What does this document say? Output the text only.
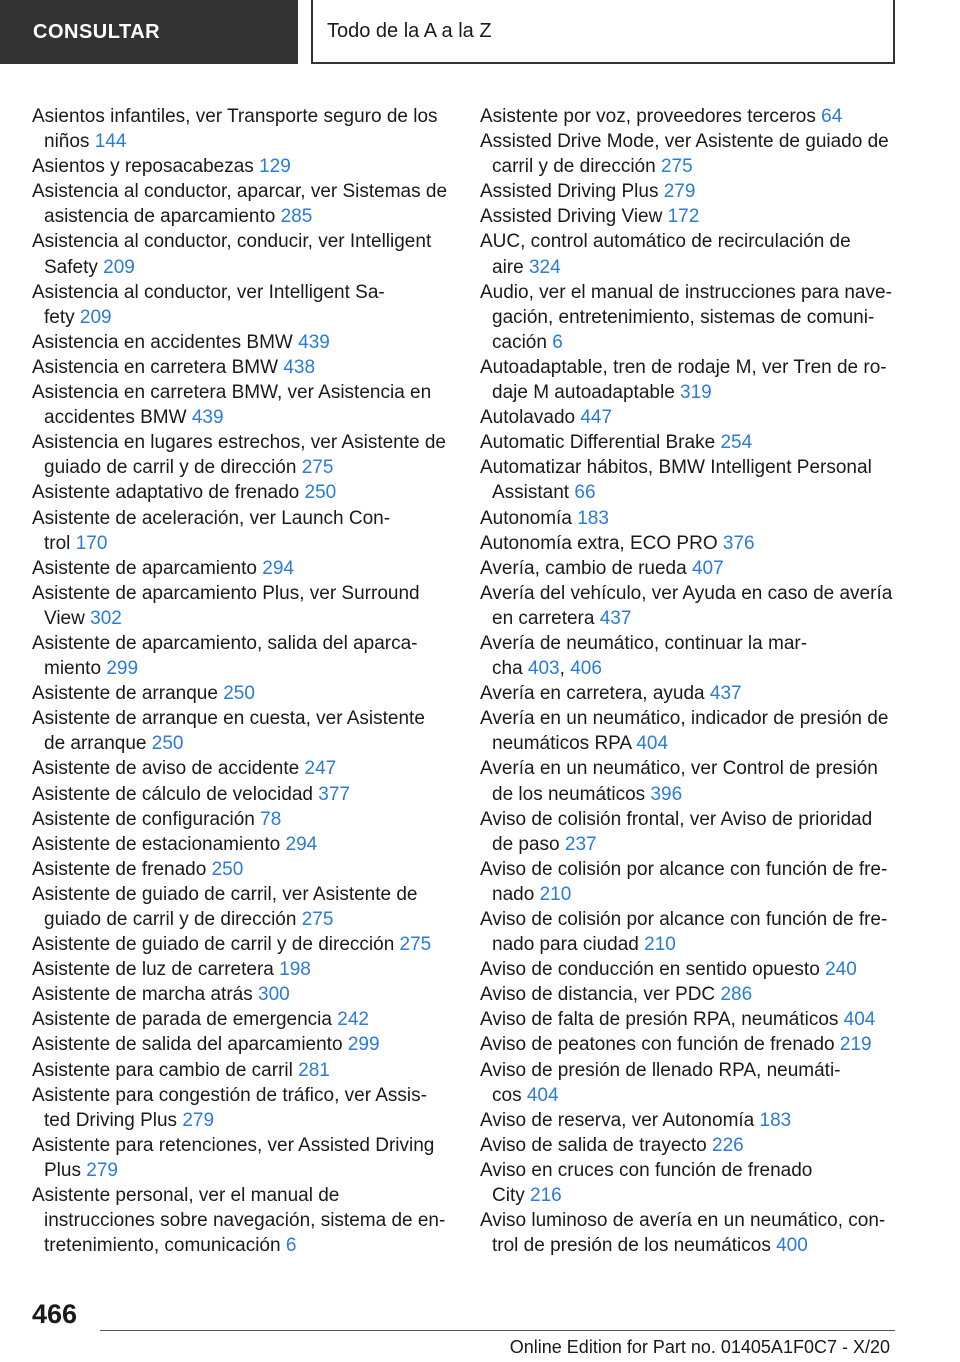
CONSULTAR	Todo de la A a la Z
Asientos infantiles, ver Transporte seguro de los
niños 144
Asientos y reposacabezas 129
Asistencia al conductor, aparcar, ver Sistemas de
asistencia de aparcamiento 285
Asistencia al conductor, conducir, ver Intelligent
Safety 209
Asistencia al conductor, ver Intelligent Sa-
fety 209
Asistencia en accidentes BMW 439
Asistencia en carretera BMW 438
Asistencia en carretera BMW, ver Asistencia en
accidentes BMW 439
Asistencia en lugares estrechos, ver Asistente de
guiado de carril y de dirección 275
Asistente adaptativo de frenado 250
Asistente de aceleración, ver Launch Con-
trol 170
Asistente de aparcamiento 294
Asistente de aparcamiento Plus, ver Surround
View 302
Asistente de aparcamiento, salida del aparca-
miento 299
Asistente de arranque 250
Asistente de arranque en cuesta, ver Asistente
de arranque 250
Asistente de aviso de accidente 247
Asistente de cálculo de velocidad 377
Asistente de configuración 78
Asistente de estacionamiento 294
Asistente de frenado 250
Asistente de guiado de carril, ver Asistente de
guiado de carril y de dirección 275
Asistente de guiado de carril y de dirección 275
Asistente de luz de carretera 198
Asistente de marcha atrás 300
Asistente de parada de emergencia 242
Asistente de salida del aparcamiento 299
Asistente para cambio de carril 281
Asistente para congestión de tráfico, ver Assis-
ted Driving Plus 279
Asistente para retenciones, ver Assisted Driving
Plus 279
Asistente personal, ver el manual de
instrucciones sobre navegación, sistema de en-
tretenimiento, comunicación 6
Asistente por voz, proveedores terceros 64
Assisted Drive Mode, ver Asistente de guiado de
carril y de dirección 275
Assisted Driving Plus 279
Assisted Driving View 172
AUC, control automático de recirculación de
aire 324
Audio, ver el manual de instrucciones para nave-
gación, entretenimiento, sistemas de comuni-
cación 6
Autoadaptable, tren de rodaje M, ver Tren de ro-
daje M autoadaptable 319
Autolavado 447
Automatic Differential Brake 254
Automatizar hábitos, BMW Intelligent Personal
Assistant 66
Autonomía 183
Autonomía extra, ECO PRO 376
Avería, cambio de rueda 407
Avería del vehículo, ver Ayuda en caso de avería
en carretera 437
Avería de neumático, continuar la mar-
cha 403, 406
Avería en carretera, ayuda 437
Avería en un neumático, indicador de presión de
neumáticos RPA 404
Avería en un neumático, ver Control de presión
de los neumáticos 396
Aviso de colisión frontal, ver Aviso de prioridad
de paso 237
Aviso de colisión por alcance con función de fre-
nado 210
Aviso de colisión por alcance con función de fre-
nado para ciudad 210
Aviso de conducción en sentido opuesto 240
Aviso de distancia, ver PDC 286
Aviso de falta de presión RPA, neumáticos 404
Aviso de peatones con función de frenado 219
Aviso de presión de llenado RPA, neumáti-
cos 404
Aviso de reserva, ver Autonomía 183
Aviso de salida de trayecto 226
Aviso en cruces con función de frenado
City 216
Aviso luminoso de avería en un neumático, con-
trol de presión de los neumáticos 400
466
Online Edition for Part no. 01405A1F0C7 - X/20
